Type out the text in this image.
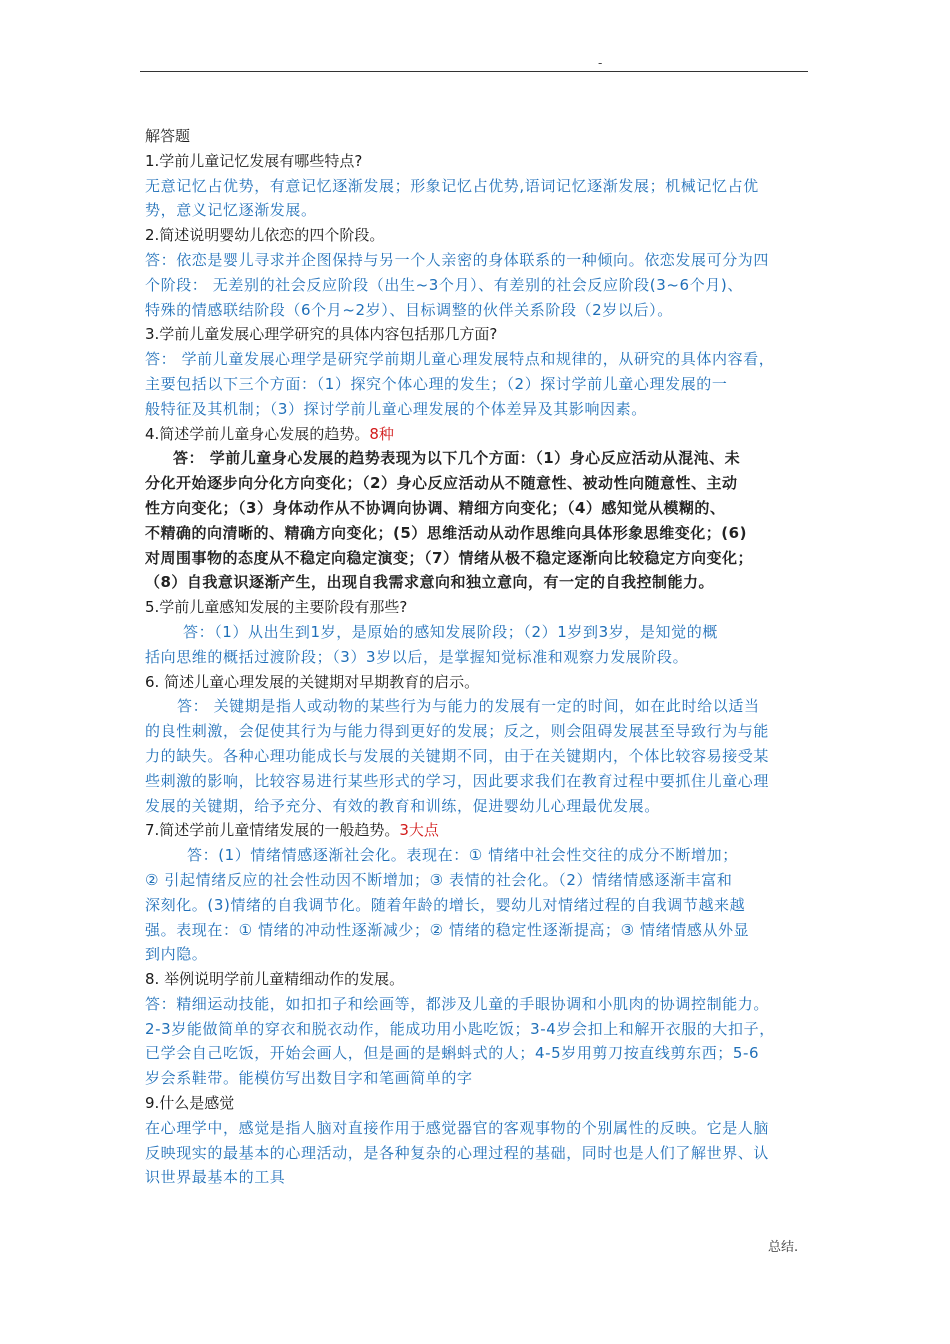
-
解答题
1.学前儿童记忆发展有哪些特点?
无意记忆占优势，有意记忆逐渐发展；形象记忆占优势,语词记忆逐渐发展；机械记忆占优
势，意义记忆逐渐发展。
2.简述说明婴幼儿依恋的四个阶段。
答：依恋是婴儿寻求并企图保持与另一个人亲密的身体联系的一种倾向。依恋发展可分为四
个阶段： 无差别的社会反应阶段（出生~3个月）、有差别的社会反应阶段(3~6个月)、
特殊的情感联结阶段（6个月~2岁）、目标调整的伙伴关系阶段（2岁以后）。
3.学前儿童发展心理学研究的具体内容包括那几方面?
答： 学前儿童发展心理学是研究学前期儿童心理发展特点和规律的，从研究的具体内容看，
主要包括以下三个方面：（1）探究个体心理的发生；（2）探讨学前儿童心理发展的一
般特征及其机制；（3）探讨学前儿童心理发展的个体差异及其影响因素。
4.简述学前儿童身心发展的趋势。8种
答： 学前儿童身心发展的趋势表现为以下几个方面：（1）身心反应活动从混沌、未
分化开始逐步向分化方向变化；（2）身心反应活动从不随意性、被动性向随意性、主动
性方向变化；（3）身体动作从不协调向协调、精细方向变化；（4）感知觉从模糊的、
不精确的向清晰的、精确方向变化；(5）思维活动从动作思维向具体形象思维变化；(6)
对周围事物的态度从不稳定向稳定演变；（7）情绪从极不稳定逐渐向比较稳定方向变化；
（8）自我意识逐渐产生，出现自我需求意向和独立意向，有一定的自我控制能力。
5.学前儿童感知发展的主要阶段有那些?
答：（1）从出生到1岁，是原始的感知发展阶段；（2）1岁到3岁，是知觉的概
括向思维的概括过渡阶段；（3）3岁以后，是掌握知觉标准和观察力发展阶段。
6. 简述儿童心理发展的关键期对早期教育的启示。
答： 关键期是指人或动物的某些行为与能力的发展有一定的时间，如在此时给以适当
的良性刺激，会促使其行为与能力得到更好的发展；反之，则会阻碍发展甚至导致行为与能
力的缺失。各种心理功能成长与发展的关键期不同，由于在关键期内，个体比较容易接受某
些刺激的影响，比较容易进行某些形式的学习，因此要求我们在教育过程中要抓住儿童心理
发展的关键期，给予充分、有效的教育和训练，促进婴幼儿心理最优发展。
7.简述学前儿童情绪发展的一般趋势。3大点
答：(1）情绪情感逐渐社会化。表现在：① 情绪中社会性交往的成分不断增加；
② 引起情绪反应的社会性动因不断增加；③ 表情的社会化。（2）情绪情感逐渐丰富和
深刻化。(3)情绪的自我调节化。随着年龄的增长，婴幼儿对情绪过程的自我调节越来越
强。表现在：① 情绪的冲动性逐渐减少；② 情绪的稳定性逐渐提高；③ 情绪情感从外显
到内隐。
8. 举例说明学前儿童精细动作的发展。
答：精细运动技能，如扣扣子和绘画等，都涉及儿童的手眼协调和小肌肉的协调控制能力。
2-3岁能做简单的穿衣和脱衣动作，能成功用小匙吃饭；3-4岁会扣上和解开衣服的大扣子，
已学会自己吃饭，开始会画人，但是画的是蝌蚪式的人；4-5岁用剪刀按直线剪东西；5-6
岁会系鞋带。能模仿写出数目字和笔画简单的字
9.什么是感觉
在心理学中，感觉是指人脑对直接作用于感觉器官的客观事物的个别属性的反映。它是人脑
反映现实的最基本的心理活动，是各种复杂的心理过程的基础，同时也是人们了解世界、认
识世界最基本的工具
总结.
